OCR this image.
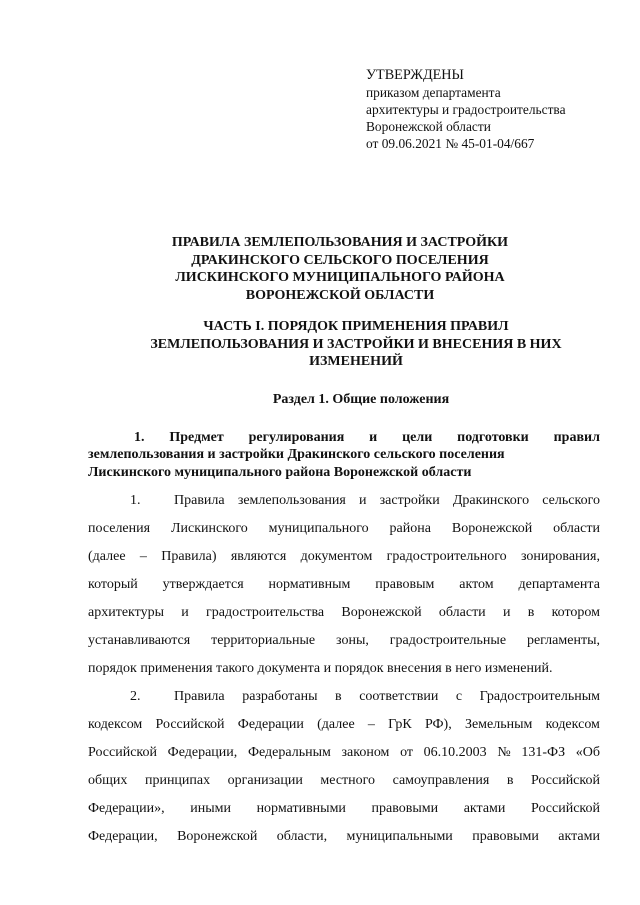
УТВЕРЖДЕНЫ
приказом департамента
архитектуры и градостроительства
Воронежской области
от 09.06.2021 № 45-01-04/667
ПРАВИЛА ЗЕМЛЕПОЛЬЗОВАНИЯ И ЗАСТРОЙКИ
ДРАКИНСКОГО СЕЛЬСКОГО ПОСЕЛЕНИЯ
ЛИСКИНСКОГО МУНИЦИПАЛЬНОГО РАЙОНА
ВОРОНЕЖСКОЙ ОБЛАСТИ
ЧАСТЬ I. ПОРЯДОК ПРИМЕНЕНИЯ ПРАВИЛ
ЗЕМЛЕПОЛЬЗОВАНИЯ И ЗАСТРОЙКИ И ВНЕСЕНИЯ В НИХ
ИЗМЕНЕНИЙ
Раздел 1. Общие положения
1. Предмет регулирования и цели подготовки правил
землепользования и застройки Дракинского сельского поселения
Лискинского муниципального района Воронежской области
1.	Правила землепользования и застройки Дракинского сельского
поселения Лискинского муниципального района Воронежской области
(далее – Правила) являются документом градостроительного зонирования,
который утверждается нормативным правовым актом департамента
архитектуры и градостроительства Воронежской области и в котором
устанавливаются территориальные зоны, градостроительные регламенты,
порядок применения такого документа и порядок внесения в него изменений.
2.	Правила разработаны в соответствии с Градостроительным
кодексом Российской Федерации (далее – ГрК РФ), Земельным кодексом
Российской Федерации, Федеральным законом от 06.10.2003 № 131-ФЗ «Об
общих принципах организации местного самоуправления в Российской
Федерации», иными нормативными правовыми актами Российской
Федерации, Воронежской области, муниципальными правовыми актами
